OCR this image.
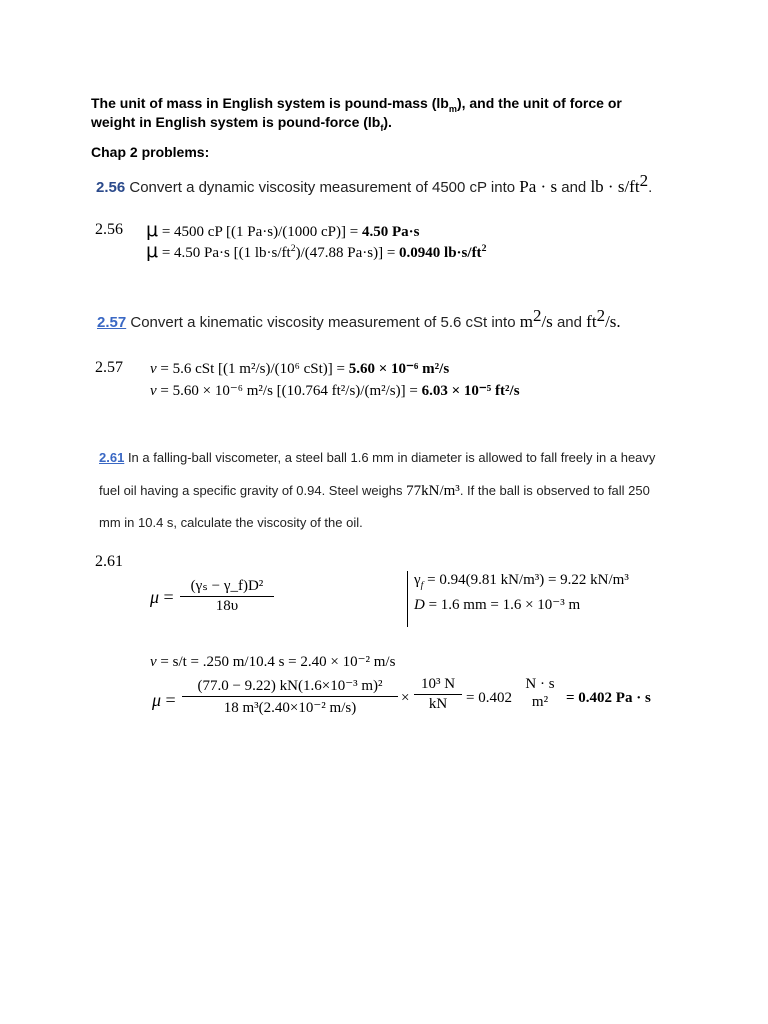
The unit of mass in English system is pound-mass $(lb_m)$, and the unit of force or
weight in English system is pound-force $(lb_f)$.
Chap 2 problems:
2.56 Convert a dynamic viscosity measurement of 4500 cP into Pa · s and lb · $s/ft^2$.
2.56 μ = 4500 cP [(1 Pa·s)/(1000 cP)] = 4.50 Pa·s
μ = 4.50 Pa·s [(1 $lb\cdot s/ft^2)/(47.88$ Pa·s)] = 0.0940 $lb\cdot s/ft^2$
2.57 Convert a kinematic viscosity measurement of 5.6 cSt into $m^2/s$ and $ft^2/s$.
2.57 v = 5.6 cSt [(1 m²/s)/(10⁶ cSt)] = 5.60 × 10⁻⁶ m²/s
v = 5.60 × 10⁻⁶ m²/s [(10.764 ft²/s)/(m²/s)] = 6.03 × 10⁻⁵ ft²/s
2.61 In a falling-ball viscometer, a steel ball 1.6 mm in diameter is allowed to fall freely in a heavy
fuel oil having a specific gravity of 0.94. Steel weighs 77kN/m³. If the ball is observed to fall 250
mm in 10.4 s, calculate the viscosity of the oil.
2.61
μ =
(γₛ − γ_f)D²
18υ
$\gamma_f = 0.94(9.81$ kN/m³) = 9.22 kN/m³
D = 1.6 mm = 1.6 × 10⁻³ m
v = s/t = .250 m/10.4 s = 2.40 × 10⁻² m/s
μ =
(77.0 − 9.22) kN(1.6×10⁻³ m)²
18 m³(2.40×10⁻² m/s)
×
10³ N
kN	= 0.402
N · s
m²	= 0.402 Pa · s
